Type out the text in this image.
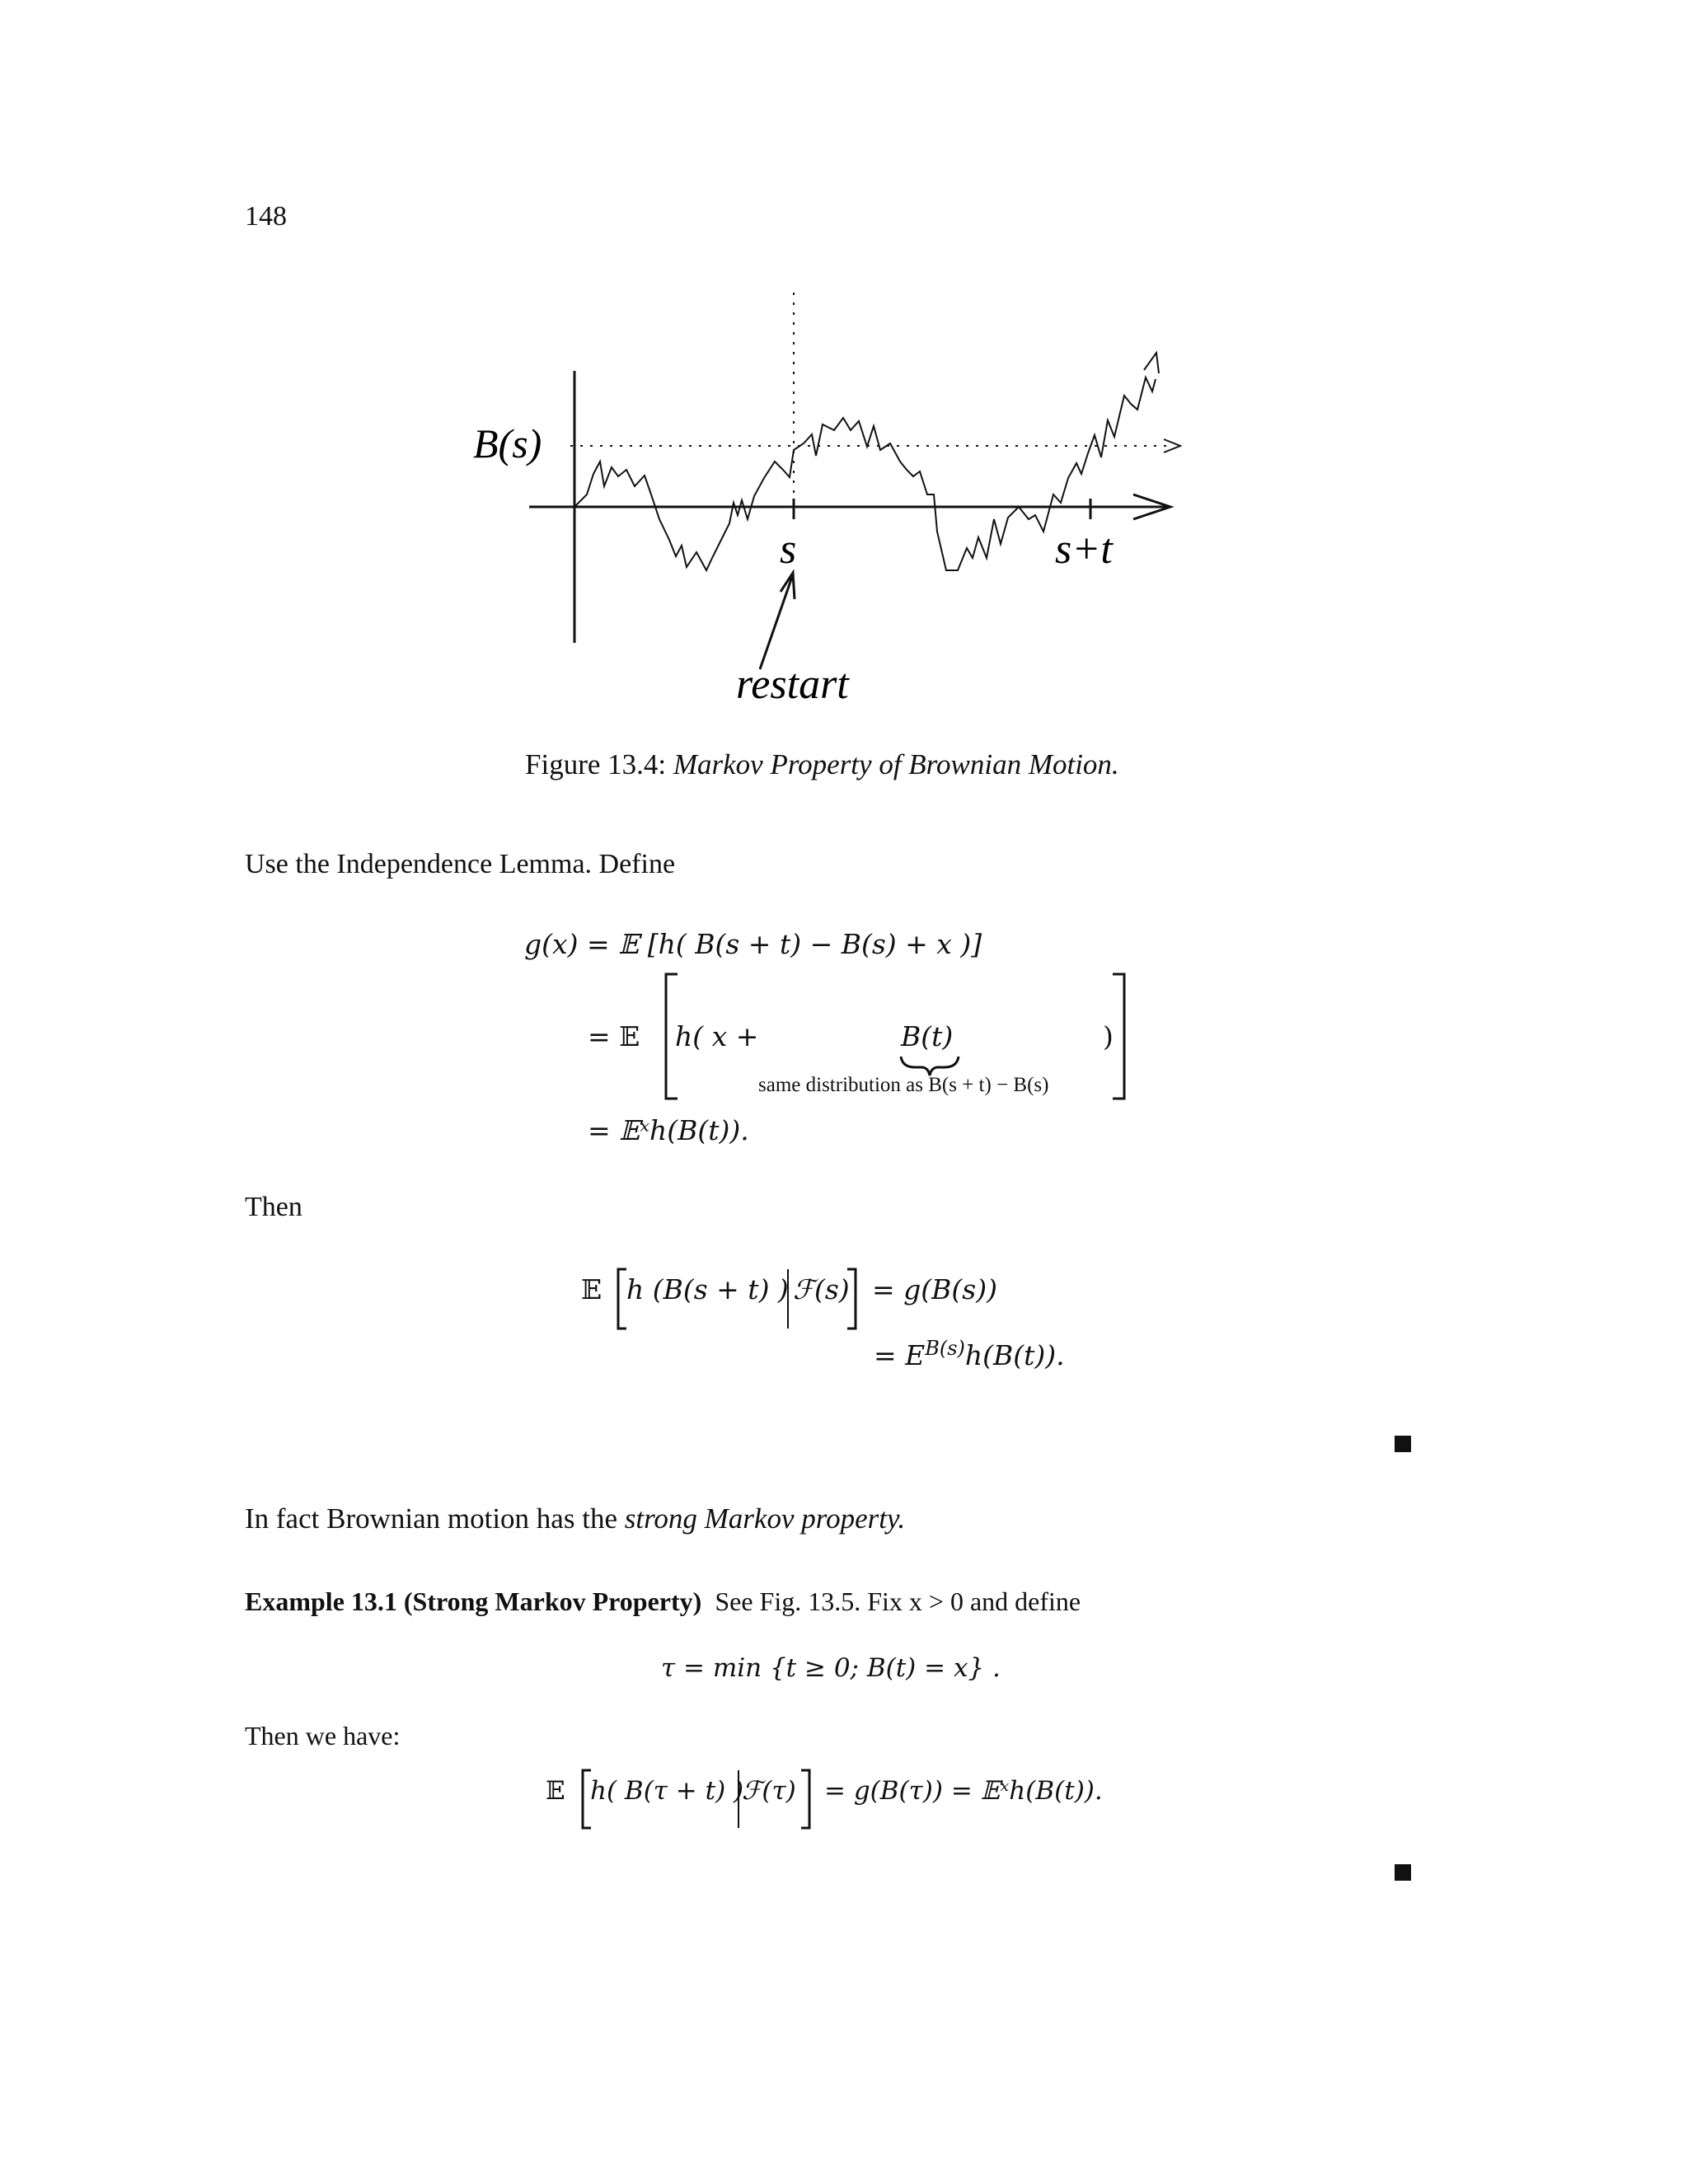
148
B(s)
s	s+t
restart
Figure 13.4: Markov Property of Brownian Motion.
Use the Independence Lemma. Define
g(x) = 𝔼 [h( B(s + t) − B(s) + x )]
= 𝔼 h( x +	B(t)	)
same distribution as B(s + t) − B(s)
= 𝔼ˣh(B(t)).
Then
𝔼 h (B(s + t) ) ℱ(s) = g(B(s))
= $E^{B(s)}h(B(t))$.
In fact Brownian motion has the strong Markov property.
Example 13.1 (Strong Markov Property) See Fig. 13.5. Fix x > 0 and define
τ = min {t ≥ 0; B(t) = x} .
Then we have:
𝔼 h( B(τ + t) )
ℱ(τ) = g(B(τ)) = 𝔼ˣh(B(t)).
